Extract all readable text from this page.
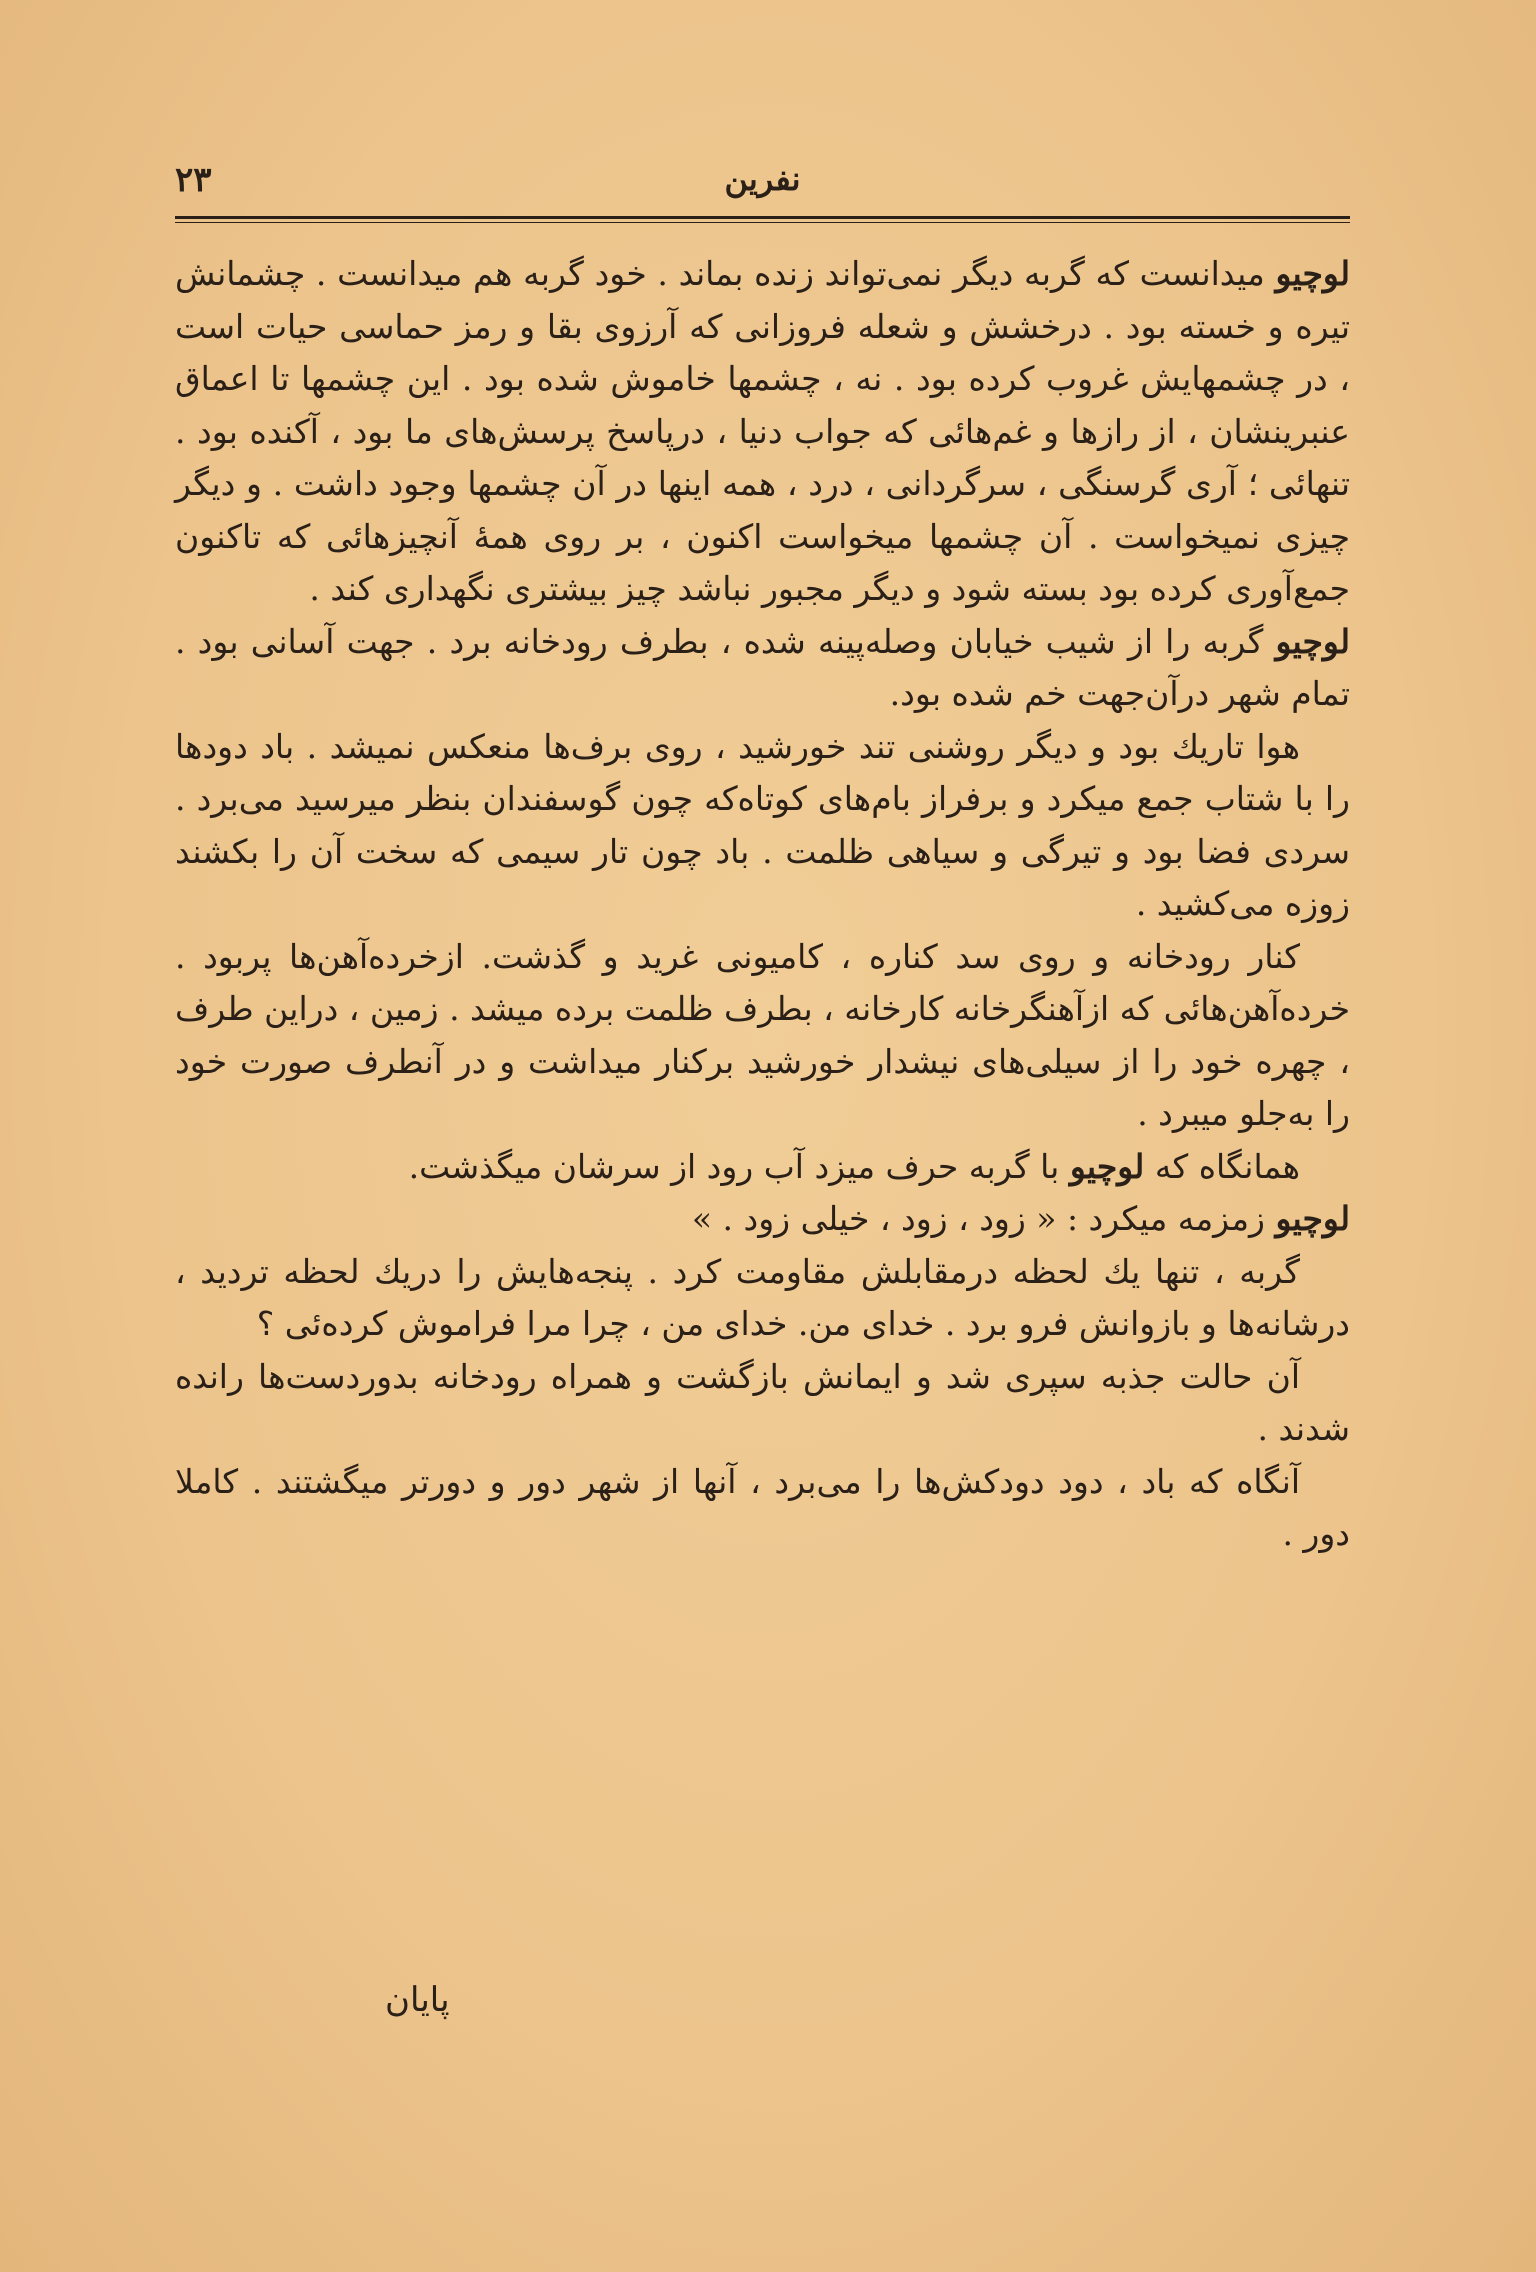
۲۳	نفرین

لوچیو میدانست که گربه دیگر نمی‌تواند زنده بماند . خود گربه هم میدانست . چشمانش تیره و خسته بود . درخشش و شعله فروزانی که آرزوی بقا و رمز حماسی حیات است ، در چشمهایش غروب کرده بود . نه ، چشمها خاموش شده بود . این چشمها تا اعماق عنبرینشان ، از رازها و غم‌هائی که جواب دنیا ، درپاسخ پرسش‌های ما بود ، آکنده بود . تنهائی ؛ آری گرسنگی ، سرگردانی ، درد ، همه اینها در آن چشمها وجود داشت . و دیگر چیزی نمیخواست . آن چشمها میخواست اکنون ، بر روی همهٔ آنچیزهائی که تاکنون جمع‌آوری کرده بود بسته شود و دیگر مجبور نباشد چیز بیشتری نگهداری کند .

لوچیو گربه را از شیب خیابان وصله‌پینه شده ، بطرف رودخانه برد . جهت آسانی بود . تمام شهر درآن‌جهت خم شده بود.

هوا تاریك بود و دیگر روشنی تند خورشید ، روی برف‌ها منعکس نمیشد . باد دودها را با شتاب جمع میکرد و برفراز بام‌های کوتاه‌که چون گوسفندان بنظر میرسید می‌برد . سردی فضا بود و تیرگی و سیاهی ظلمت . باد چون تار سیمی که سخت آن را بکشند زوزه می‌کشید .

کنار رودخانه و روی سد کناره ، کامیونی غرید و گذشت. ازخرده‌آهن‌ها پربود . خرده‌آهن‌هائی که ازآهنگرخانه کارخانه ، بطرف ظلمت برده میشد . زمین ، دراین طرف ، چهره خود را از سیلی‌های نیشدار خورشید برکنار میداشت و در آنطرف صورت خود را به‌جلو میبرد .

همانگاه که لوچیو با گربه حرف میزد آب رود از سرشان میگذشت.

لوچیو زمزمه میکرد : « زود ، زود ، خیلی زود . »

گربه ، تنها یك لحظه درمقابلش مقاومت کرد . پنجه‌هایش را دریك لحظه تردید ، درشانه‌ها و بازوانش فرو برد . خدای من. خدای من ، چرا مرا فراموش کرده‌ئی ؟

آن حالت جذبه سپری شد و ایمانش بازگشت و همراه رودخانه بدوردست‌ها رانده شدند .

آنگاه که باد ، دود دودکش‌ها را می‌برد ، آنها از شهر دور و دورتر میگشتند . کاملا دور .

پایان
